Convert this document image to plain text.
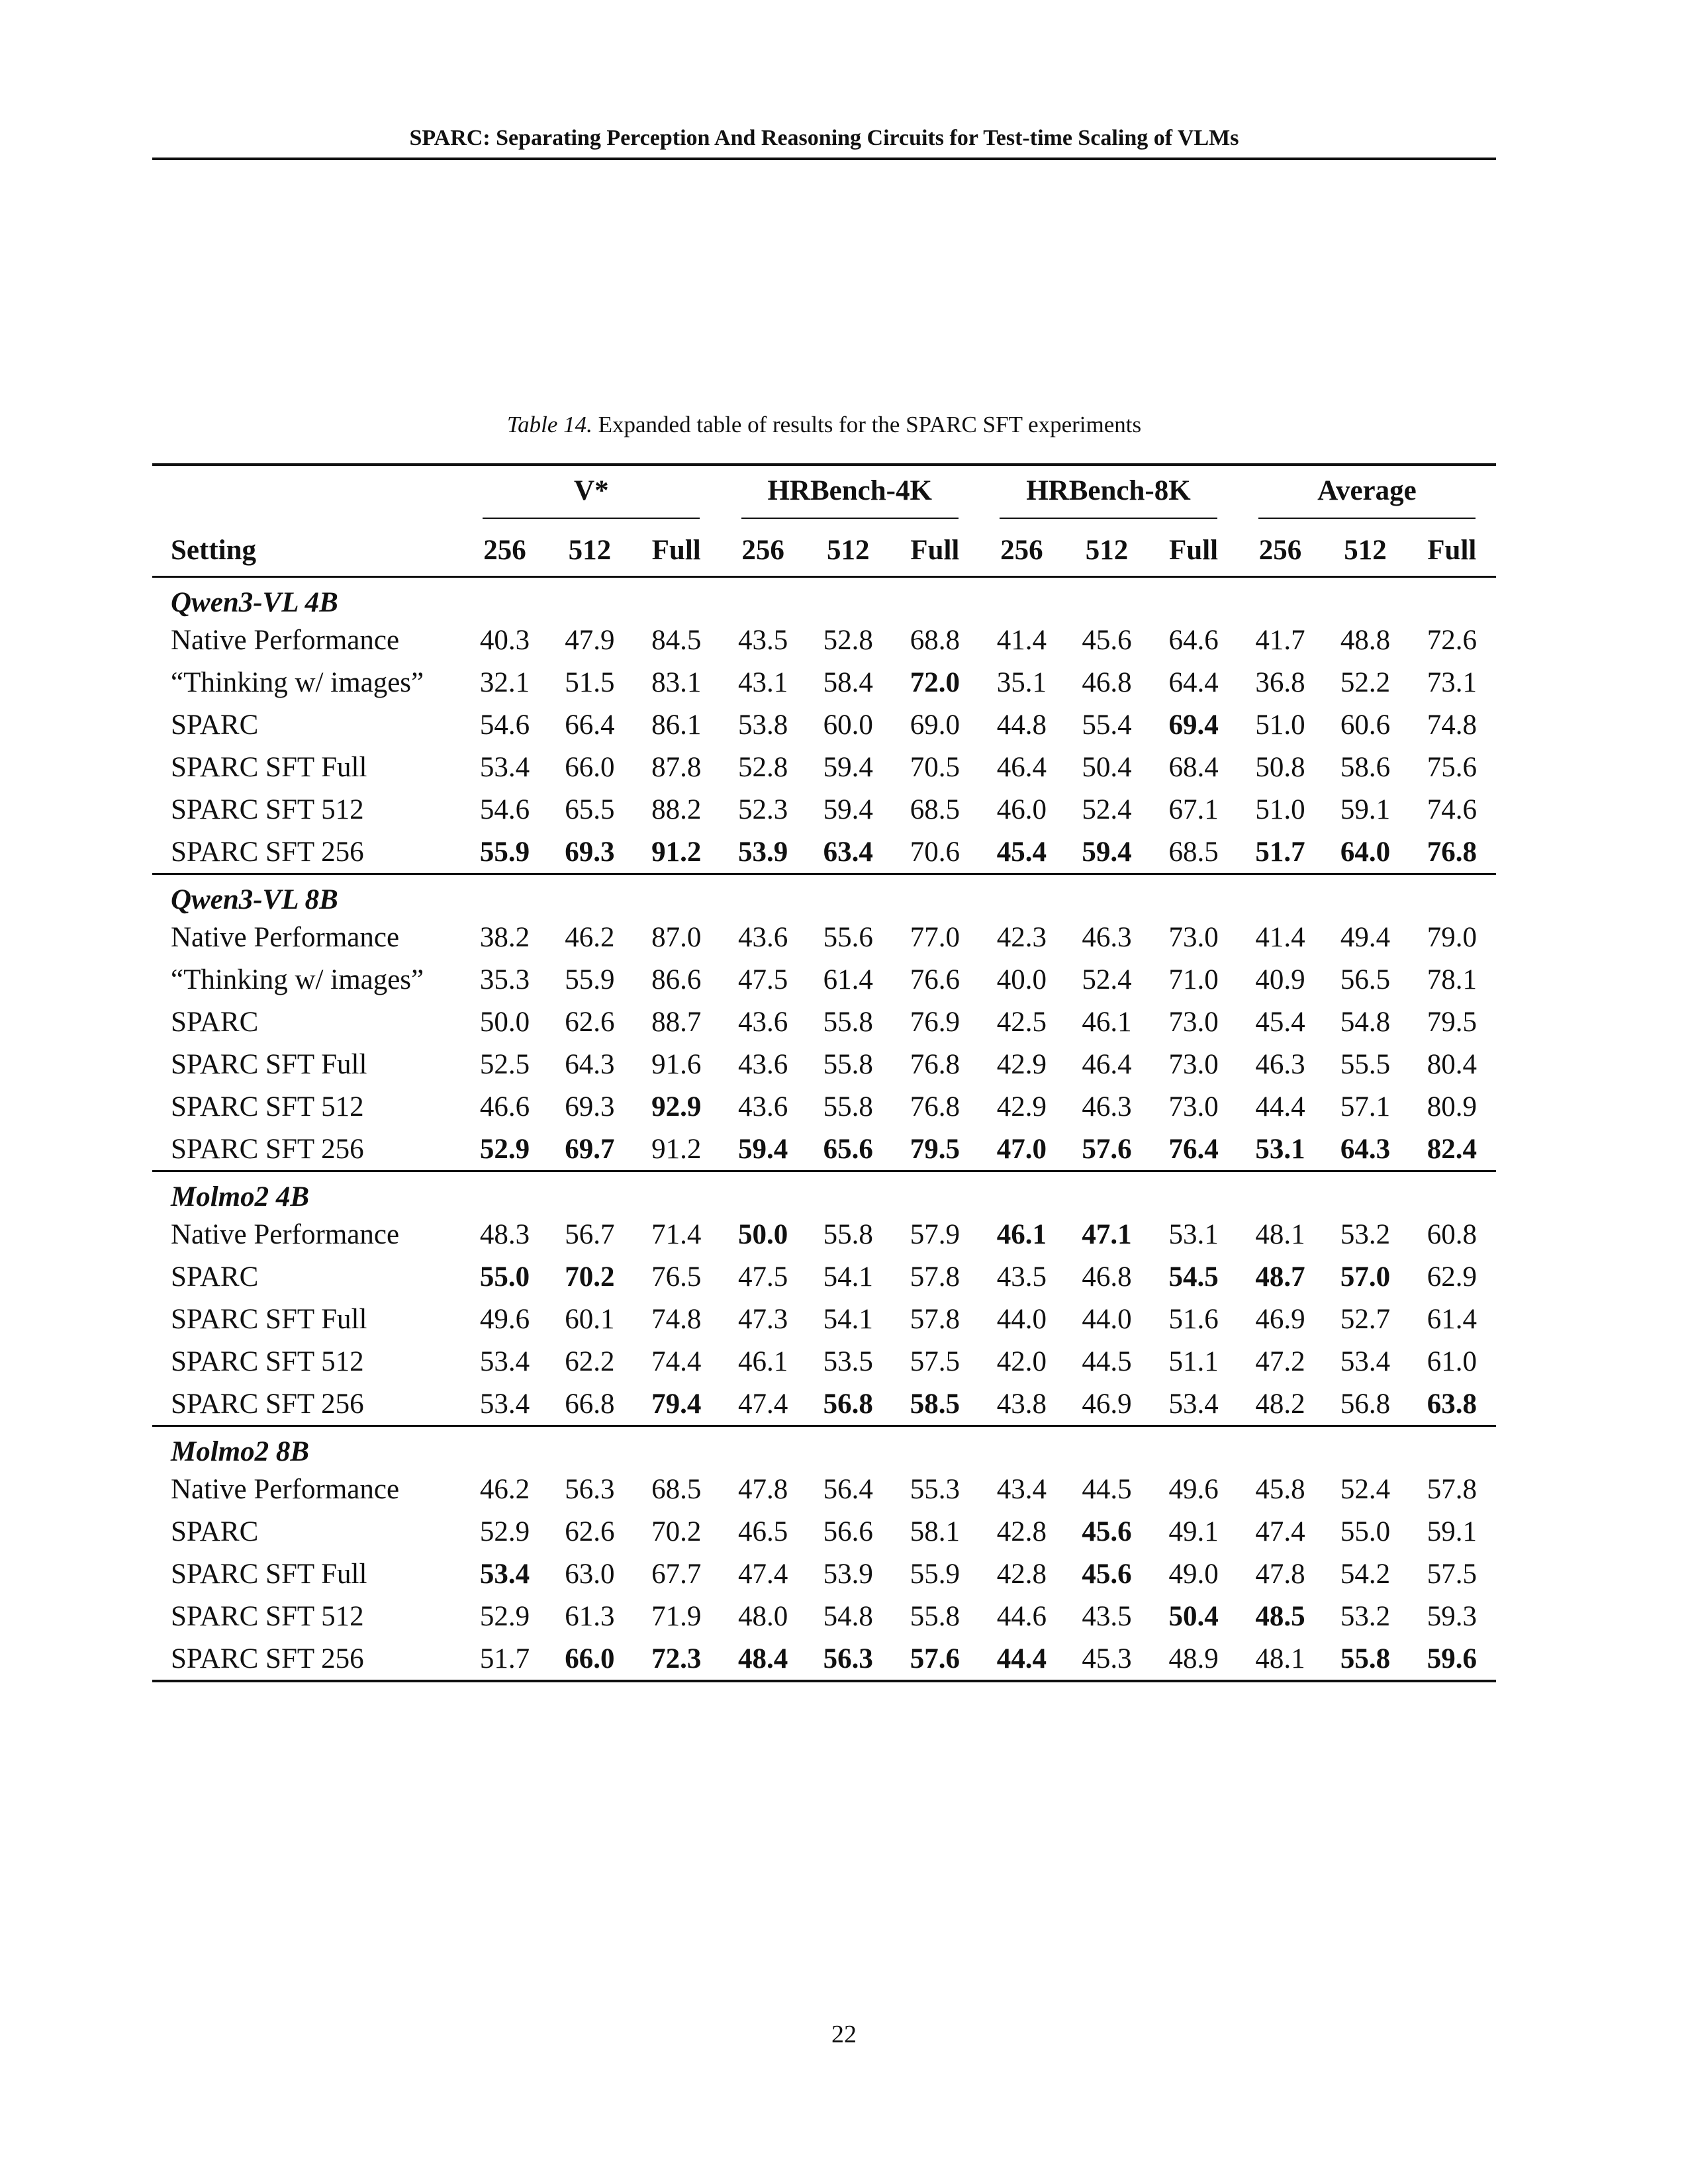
SPARC: Separating Perception And Reasoning Circuits for Test-time Scaling of VLMs
Table 14. Expanded table of results for the SPARC SFT experiments

	V*			HRBench-4K			HRBench-8K			Average		
Setting	256	512	Full	256	512	Full	256	512	Full	256	512	Full
Qwen3-VL 4B												
Native Performance	40.3	47.9	84.5	43.5	52.8	68.8	41.4	45.6	64.6	41.7	48.8	72.6
“Thinking w/ images”	32.1	51.5	83.1	43.1	58.4	72.0	35.1	46.8	64.4	36.8	52.2	73.1
SPARC	54.6	66.4	86.1	53.8	60.0	69.0	44.8	55.4	69.4	51.0	60.6	74.8
SPARC SFT Full	53.4	66.0	87.8	52.8	59.4	70.5	46.4	50.4	68.4	50.8	58.6	75.6
SPARC SFT 512	54.6	65.5	88.2	52.3	59.4	68.5	46.0	52.4	67.1	51.0	59.1	74.6
SPARC SFT 256	55.9	69.3	91.2	53.9	63.4	70.6	45.4	59.4	68.5	51.7	64.0	76.8

Qwen3-VL 8B												
Native Performance	38.2	46.2	87.0	43.6	55.6	77.0	42.3	46.3	73.0	41.4	49.4	79.0
“Thinking w/ images”	35.3	55.9	86.6	47.5	61.4	76.6	40.0	52.4	71.0	40.9	56.5	78.1
SPARC	50.0	62.6	88.7	43.6	55.8	76.9	42.5	46.1	73.0	45.4	54.8	79.5
SPARC SFT Full	52.5	64.3	91.6	43.6	55.8	76.8	42.9	46.4	73.0	46.3	55.5	80.4
SPARC SFT 512	46.6	69.3	92.9	43.6	55.8	76.8	42.9	46.3	73.0	44.4	57.1	80.9
SPARC SFT 256	52.9	69.7	91.2	59.4	65.6	79.5	47.0	57.6	76.4	53.1	64.3	82.4

Molmo2 4B												
Native Performance	48.3	56.7	71.4	50.0	55.8	57.9	46.1	47.1	53.1	48.1	53.2	60.8
SPARC	55.0	70.2	76.5	47.5	54.1	57.8	43.5	46.8	54.5	48.7	57.0	62.9
SPARC SFT Full	49.6	60.1	74.8	47.3	54.1	57.8	44.0	44.0	51.6	46.9	52.7	61.4
SPARC SFT 512	53.4	62.2	74.4	46.1	53.5	57.5	42.0	44.5	51.1	47.2	53.4	61.0
SPARC SFT 256	53.4	66.8	79.4	47.4	56.8	58.5	43.8	46.9	53.4	48.2	56.8	63.8

Molmo2 8B												
Native Performance	46.2	56.3	68.5	47.8	56.4	55.3	43.4	44.5	49.6	45.8	52.4	57.8
SPARC	52.9	62.6	70.2	46.5	56.6	58.1	42.8	45.6	49.1	47.4	55.0	59.1
SPARC SFT Full	53.4	63.0	67.7	47.4	53.9	55.9	42.8	45.6	49.0	47.8	54.2	57.5
SPARC SFT 512	52.9	61.3	71.9	48.0	54.8	55.8	44.6	43.5	50.4	48.5	53.2	59.3
SPARC SFT 256	51.7	66.0	72.3	48.4	56.3	57.6	44.4	45.3	48.9	48.1	55.8	59.6

22
